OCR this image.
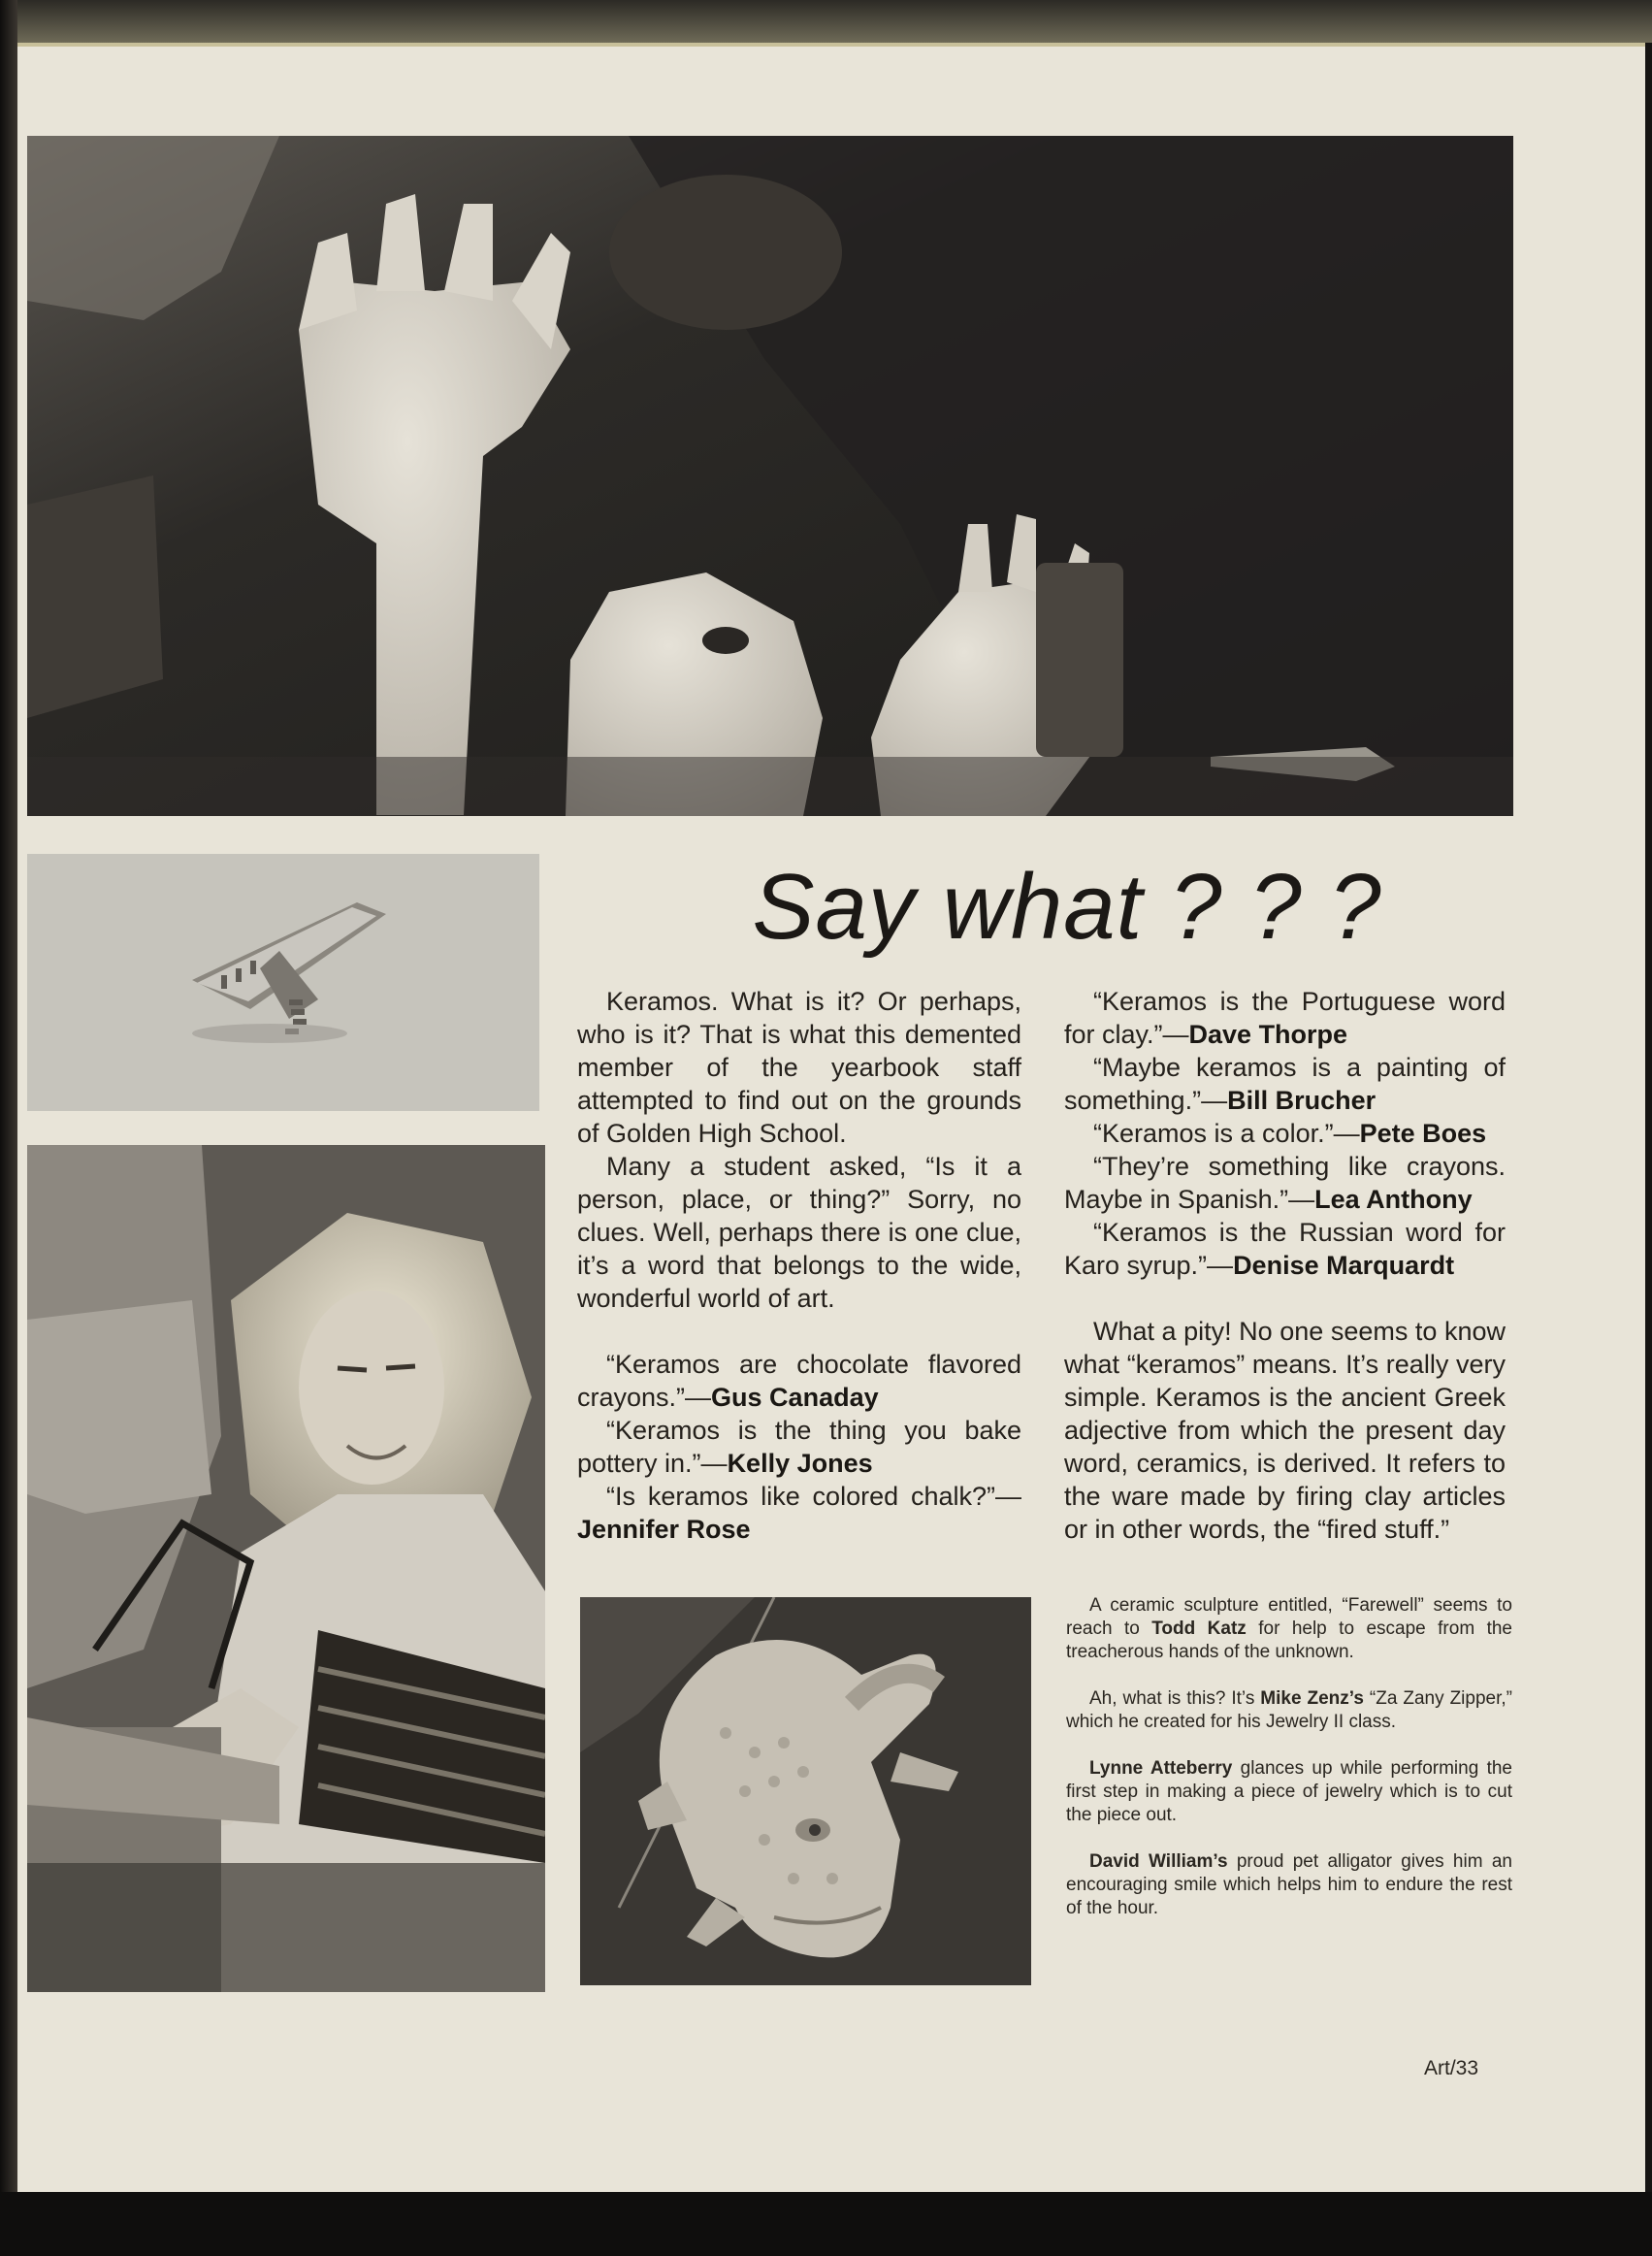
Say what ? ? ?

Keramos. What is it? Or perhaps, who is it? That is what this demented member of the yearbook staff attempted to find out on the grounds of Golden High School.

Many a student asked, “Is it a person, place, or thing?” Sorry, no clues. Well, perhaps there is one clue, it’s a word that belongs to the wide, wonderful world of art.

“Keramos are chocolate flavored crayons.”—Gus Canaday

“Keramos is the thing you bake pottery in.”—Kelly Jones

“Is keramos like colored chalk?”—Jennifer Rose

“Keramos is the Portuguese word for clay.”—Dave Thorpe

“Maybe keramos is a painting of something.”—Bill Brucher

“Keramos is a color.”—Pete Boes

“They’re something like crayons. Maybe in Spanish.”—Lea Anthony

“Keramos is the Russian word for Karo syrup.”—Denise Marquardt

What a pity! No one seems to know what “keramos” means. It’s really very simple. Keramos is the ancient Greek adjective from which the present day word, ceramics, is derived. It refers to the ware made by firing clay articles or in other words, the “fired stuff.”

A ceramic sculpture entitled, “Farewell” seems to reach to Todd Katz for help to escape from the treacherous hands of the unknown.

Ah, what is this? It’s Mike Zenz’s “Za Zany Zipper,” which he created for his Jewelry II class.

Lynne Atteberry glances up while performing the first step in making a piece of jewelry which is to cut the piece out.

David William’s proud pet alligator gives him an encouraging smile which helps him to endure the rest of the hour.

Art/33
